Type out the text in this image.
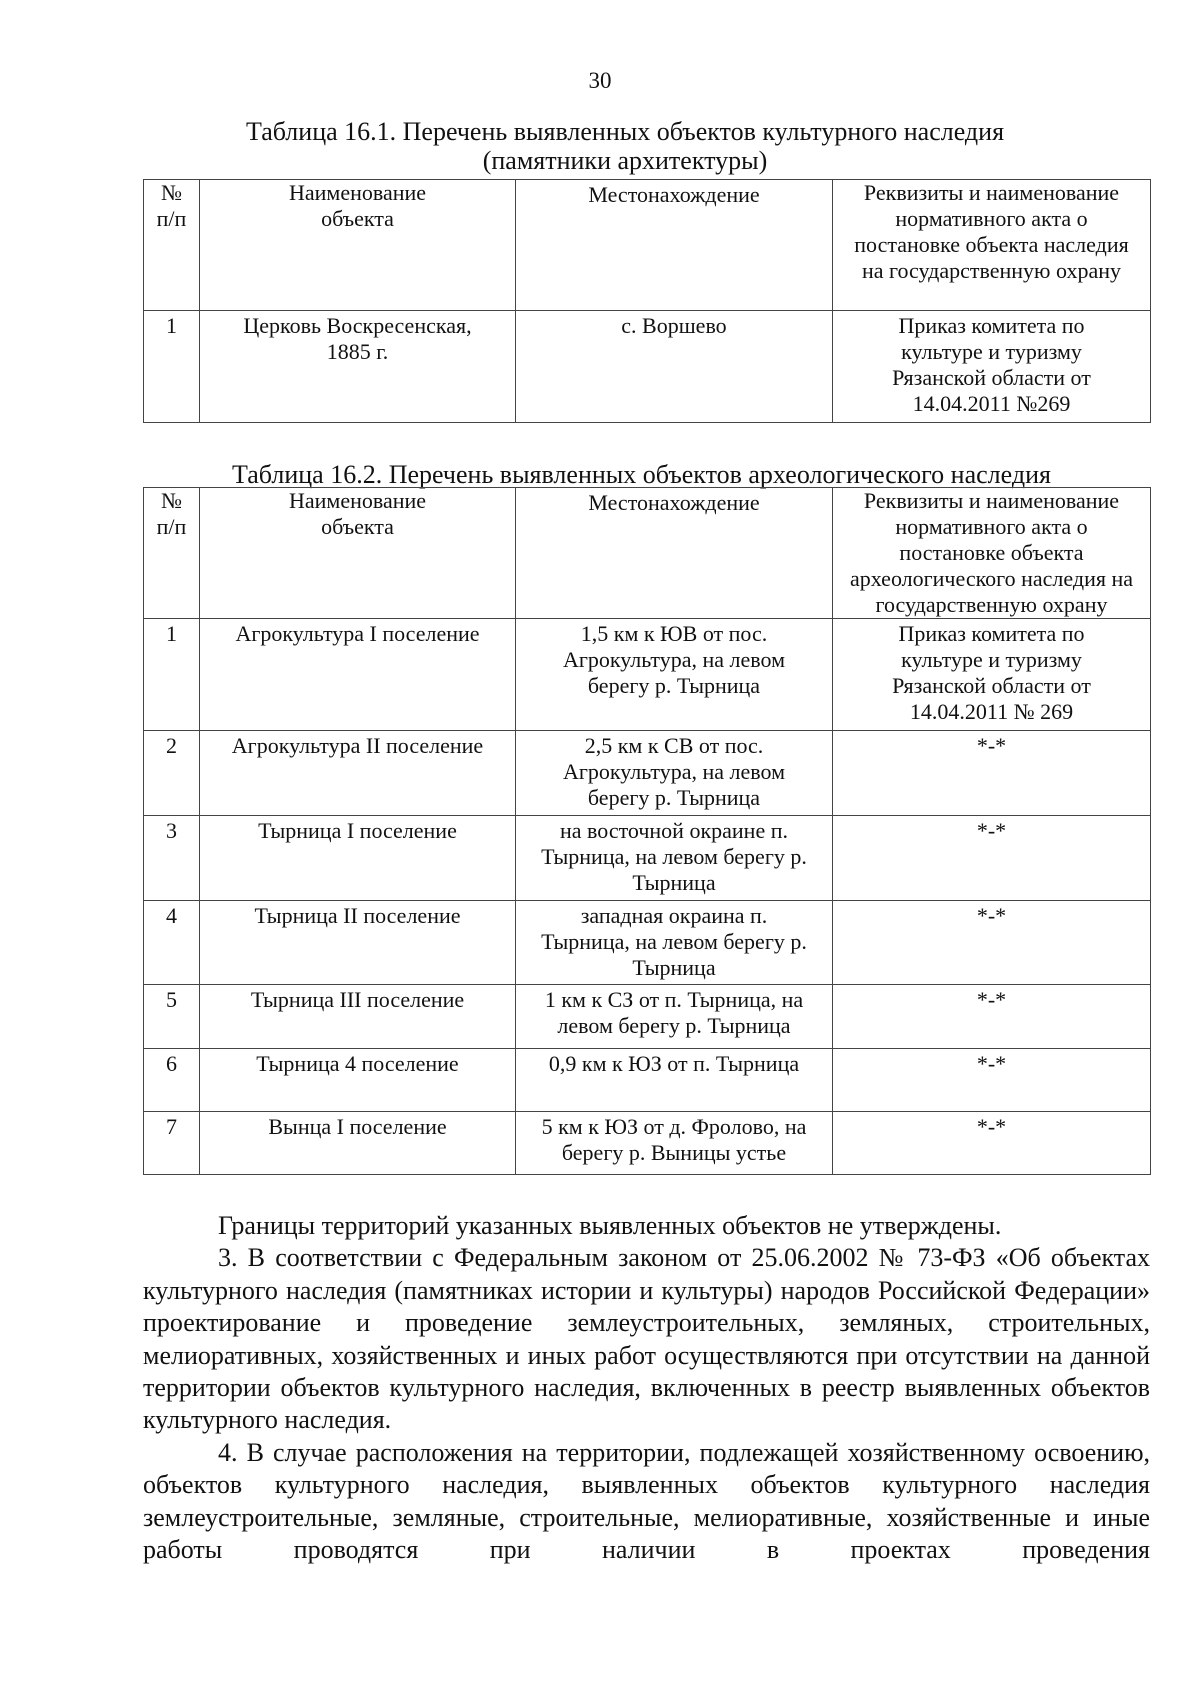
30
Таблица 16.1. Перечень выявленных объектов культурного наследия
(памятники архитектуры)
№ п/п	Наименование объекта	Местонахождение	Реквизиты и наименование нормативного акта о постановке объекта наследия на государственную охрану
1	Церковь Воскресенская, 1885 г.	с. Воршево	Приказ комитета по культуре и туризму Рязанской области от 14.04.2011 №269
Таблица 16.2. Перечень выявленных объектов археологического наследия
№ п/п	Наименование объекта	Местонахождение	Реквизиты и наименование нормативного акта о постановке объекта археологического наследия на государственную охрану
1	Агрокультура I поселение	1,5 км к ЮВ от пос. Агрокультура, на левом берегу р. Тырница	Приказ комитета по культуре и туризму Рязанской области от 14.04.2011 № 269
2	Агрокультура II поселение	2,5 км к СВ от пос. Агрокультура, на левом берегу р. Тырница	*-*
3	Тырница I поселение	на восточной окраине п. Тырница, на левом берегу р. Тырница	*-*
4	Тырница II поселение	западная окраина п. Тырница, на левом берегу р. Тырница	*-*
5	Тырница III поселение	1 км к СЗ от п. Тырница, на левом берегу р. Тырница	*-*
6	Тырница 4 поселение	0,9 км к ЮЗ от п. Тырница	*-*
7	Вынца I поселение	5 км к ЮЗ от д. Фролово, на берегу р. Выницы устье	*-*

Границы территорий указанных выявленных объектов не утверждены.

3. В соответствии с Федеральным законом от 25.06.2002 № 73-ФЗ «Об объектах культурного наследия (памятниках истории и культуры) народов Российской Федерации» проектирование и проведение землеустроительных, земляных, строительных, мелиоративных, хозяйственных и иных работ осуществляются при отсутствии на данной территории объектов культурного наследия, включенных в реестр выявленных объектов культурного наследия.

4. В случае расположения на территории, подлежащей хозяйственному освоению, объектов культурного наследия, выявленных объектов культурного наследия землеустроительные, земляные, строительные, мелиоративные, хозяйственные и иные работы проводятся при наличии в проектах проведения
